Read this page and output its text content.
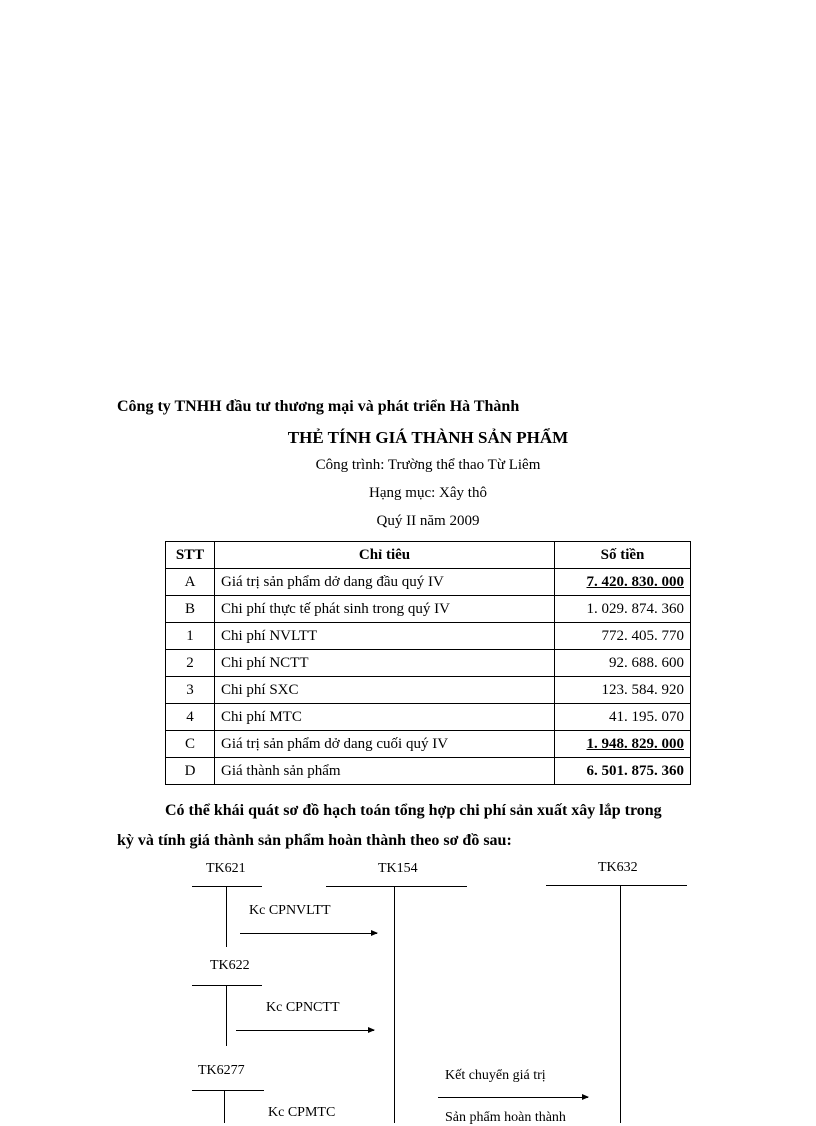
Công ty TNHH đầu tư thương mại và phát triển Hà Thành
THẺ TÍNH GIÁ THÀNH SẢN PHẨM
Công trình: Trường thể thao Từ Liêm
Hạng mục: Xây thô
Quý II năm 2009
STT	Chỉ tiêu	Số tiền
A	Giá trị sản phẩm dở dang đầu quý IV	7. 420. 830. 000
B	Chi phí thực tế phát sinh trong quý IV	1. 029. 874. 360
1	Chi phí NVLTT	772. 405. 770
2	Chi phí NCTT	92. 688. 600
3	Chi phí SXC	123. 584. 920
4	Chi phí MTC	41. 195. 070
C	Giá trị sản phẩm dở dang cuối quý IV	1. 948. 829. 000
D	Giá thành sản phẩm	6. 501. 875. 360
Có thể khái quát sơ đồ hạch toán tổng hợp chi phí sản xuất xây lắp trong
kỳ và tính giá thành sản phẩm hoàn thành theo sơ đồ sau:
TK621	TK154	TK632
Kc CPNVLTT
TK622
Kc CPNCTT
TK6277
Kc CPMTC
Kết chuyển giá trị
Sản phẩm hoàn thành
